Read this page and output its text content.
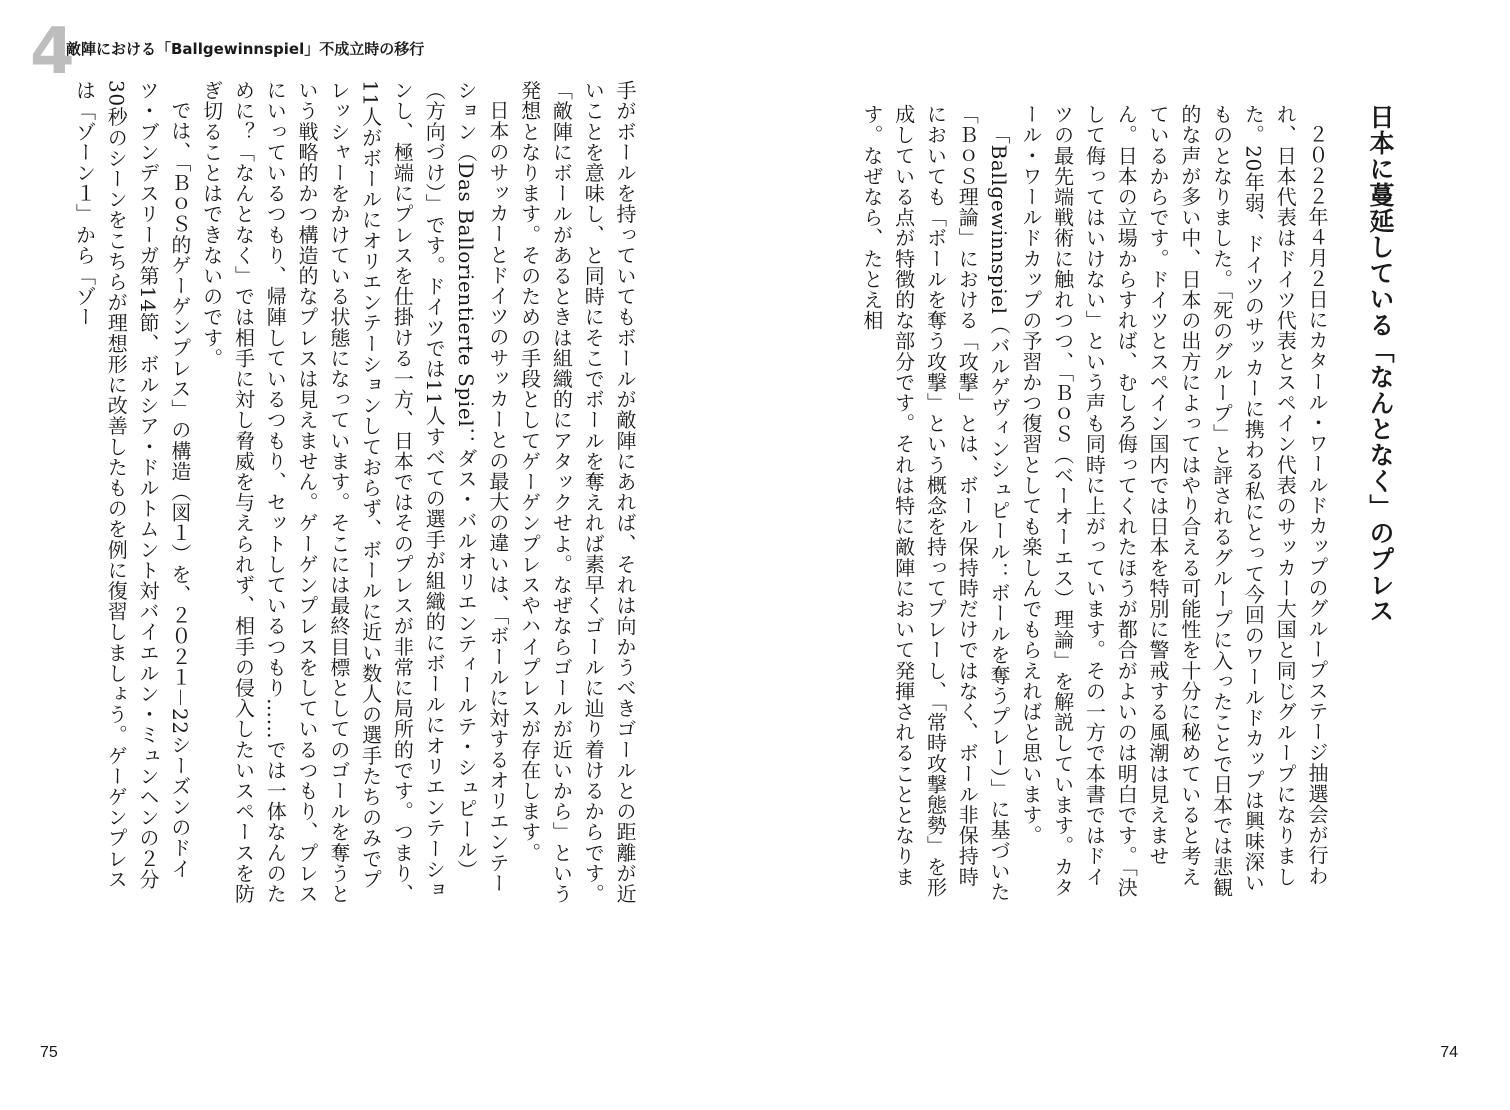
4
敵陣における「Ballgewinnspiel」不成立時の移行
日本に蔓延している「なんとなく」のプレス

２０２２年４月２日にカタール・ワールドカップのグループステージ抽選会が行われ、日本代表はドイツ代表とスペイン代表のサッカー大国と同じグループになりました。20年弱、ドイツのサッカーに携わる私にとって今回のワールドカップは興味深いものとなりました。「死のグループ」と評されるグループに入ったことで日本では悲観的な声が多い中、日本の出方によってはやり合える可能性を十分に秘めていると考えているからです。ドイツとスペイン国内では日本を特別に警戒する風潮は見えません。日本の立場からすれば、むしろ侮ってくれたほうが都合がよいのは明白です。「決して侮ってはいけない」という声も同時に上がっています。その一方で本書ではドイツの最先端戦術に触れつつ、「ＢｏＳ（ベーオーエス）理論」を解説しています。カタール・ワールドカップの予習かつ復習としても楽しんでもらえればと思います。

「Ballgewinnspiel（バルゲヴィンシュピール：ボールを奪うプレー）」に基づいた「ＢｏＳ理論」における「攻撃」とは、ボール保持時だけではなく、ボール非保持時においても「ボールを奪う攻撃」という概念を持ってプレーし、「常時攻撃態勢」を形成している点が特徴的な部分です。それは特に敵陣において発揮されることとなります。なぜなら、たとえ相

手がボールを持っていてもボールが敵陣にあれば、それは向かうべきゴールとの距離が近いことを意味し、と同時にそこでボールを奪えれば素早くゴールに辿り着けるからです。「敵陣にボールがあるときは組織的にアタックせよ。なぜならゴールが近いから」という発想となります。そのための手段としてゲーゲンプレスやハイプレスが存在します。

日本のサッカーとドイツのサッカーとの最大の違いは、「ボールに対するオリエンテーション（Das Ballorientierte Spiel：ダス・バルオリエンティールテ・シュピール）（方向づけ）」です。ドイツでは11人すべての選手が組織的にボールにオリエンテーションし、極端にプレスを仕掛ける一方、日本ではそのプレスが非常に局所的です。つまり、11人がボールにオリエンテーションしておらず、ボールに近い数人の選手たちのみでプレッシャーをかけている状態になっています。そこには最終目標としてのゴールを奪うという戦略的かつ構造的なプレスは見えません。ゲーゲンプレスをしているつもり、プレスにいっているつもり、帰陣しているつもり、セットしているつもり……では一体なんのために？「なんとなく」では相手に対し脅威を与えられず、相手の侵入したいスペースを防ぎ切ることはできないのです。

では、「ＢｏＳ的ゲーゲンプレス」の構造（図１）を、２０２１－22シーズンのドイツ・ブンデスリーガ第14節、ボルシア・ドルトムント対バイエルン・ミュンヘンの２分30秒のシーンをこちらが理想形に改善したものを例に復習しましょう。ゲーゲンプレスは「ゾーン１」から「ゾー

75	74
